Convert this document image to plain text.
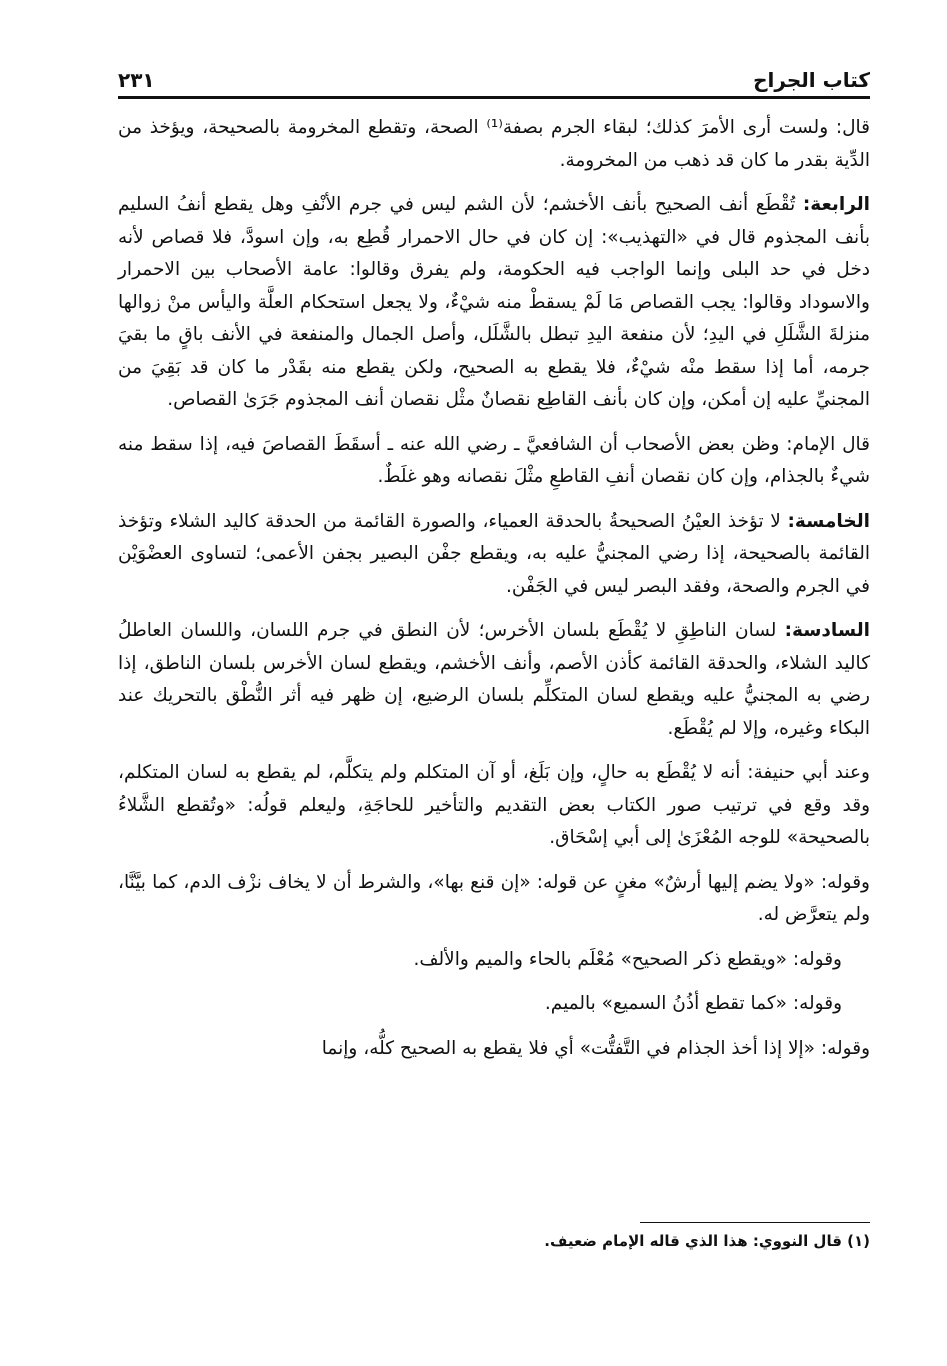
كتاب الجراح
٢٣١

قال: ولست أرى الأمرَ كذلك؛ لبقاء الجرم بصفة⁽¹⁾ الصحة، وتقطع المخرومة بالصحيحة، ويؤخذ من الدِّية بقدر ما كان قد ذهب من المخرومة.

الرابعة: تُقْطَع أنف الصحيح بأنف الأخشم؛ لأن الشم ليس في جرم الأنْفِ وهل يقطع أنفُ السليم بأنف المجذوم قال في «التهذيب»: إن كان في حال الاحمرار قُطِع به، وإن اسودَّ، فلا قصاص لأنه دخل في حد البلى وإنما الواجب فيه الحكومة، ولم يفرق وقالوا: عامة الأصحاب بين الاحمرار والاسوداد وقالوا: يجب القصاص مَا لَمْ يسقطْ منه شيْءٌ، ولا يجعل استحكام العلَّة واليأس منْ زوالها منزلةَ الشَّلَلِ في اليدِ؛ لأن منفعة اليدِ تبطل بالشَّلَل، وأصل الجمال والمنفعة في الأنف باقٍ ما بقيَ جرمه، أما إذا سقط منْه شيْءٌ، فلا يقطع به الصحيح، ولكن يقطع منه بقَدْر ما كان قد بَقِيَ من المجنيِّ عليه إن أمكن، وإن كان بأنف القاطِع نقصانٌ مثْل نقصان أنف المجذوم جَرَىٰ القصاص.

قال الإمام: وظن بعض الأصحاب أن الشافعيَّ ـ رضي الله عنه ـ أسقَطَ القصاصَ فيه، إذا سقط منه شيءٌ بالجذام، وإن كان نقصان أنفِ القاطعِ مثْلَ نقصانه وهو غلَطٌ.

الخامسة: لا تؤخذ العيْنُ الصحيحةُ بالحدقة العمياء، والصورة القائمة من الحدقة كاليد الشلاء وتؤخذ القائمة بالصحيحة، إذا رضي المجنيُّ عليه به، ويقطع جفْن البصير بجفن الأعمى؛ لتساوى العضْوَيْن في الجرم والصحة، وفقد البصر ليس في الجَفْن.

السادسة: لسان الناطِقِ لا يُقْطَع بلسان الأخرس؛ لأن النطق في جرم اللسان، واللسان العاطلُ كاليد الشلاء، والحدقة القائمة كأذن الأصم، وأنف الأخشم، ويقطع لسان الأخرس بلسان الناطق، إذا رضي به المجنيُّ عليه ويقطع لسان المتكلِّم بلسان الرضيع، إن ظهر فيه أثر النُّطْق بالتحريك عند البكاء وغيره، وإلا لم يُقْطَع.

وعند أبي حنيفة: أنه لا يُقْطَع به حالٍ، وإن بَلَغ، أو آن المتكلم ولم يتكلَّم، لم يقطع به لسان المتكلم، وقد وقع في ترتيب صور الكتاب بعض التقديم والتأخير للحاجَةِ، وليعلم قولُه: «وتُقطع الشَّلاءُ بالصحيحة» للوجه المُعْزَىٰ إلى أبي إسْحَاق.

وقوله: «ولا يضم إليها أرشٌ» مغنٍ عن قوله: «إن قنع بها»، والشرط أن لا يخاف نزْف الدم، كما بيَّنَّا، ولم يتعرَّض له.

وقوله: «ويقطع ذكر الصحيح» مُعْلَم بالحاء والميم والألف.

وقوله: «كما تقطع أذُنُ السميع» بالميم.

وقوله: «إلا إذا أخذ الجذام في التَّفتُّت» أي فلا يقطع به الصحيح كلُّه، وإنما

(١) قال النووي: هذا الذي قاله الإمام ضعيف.
